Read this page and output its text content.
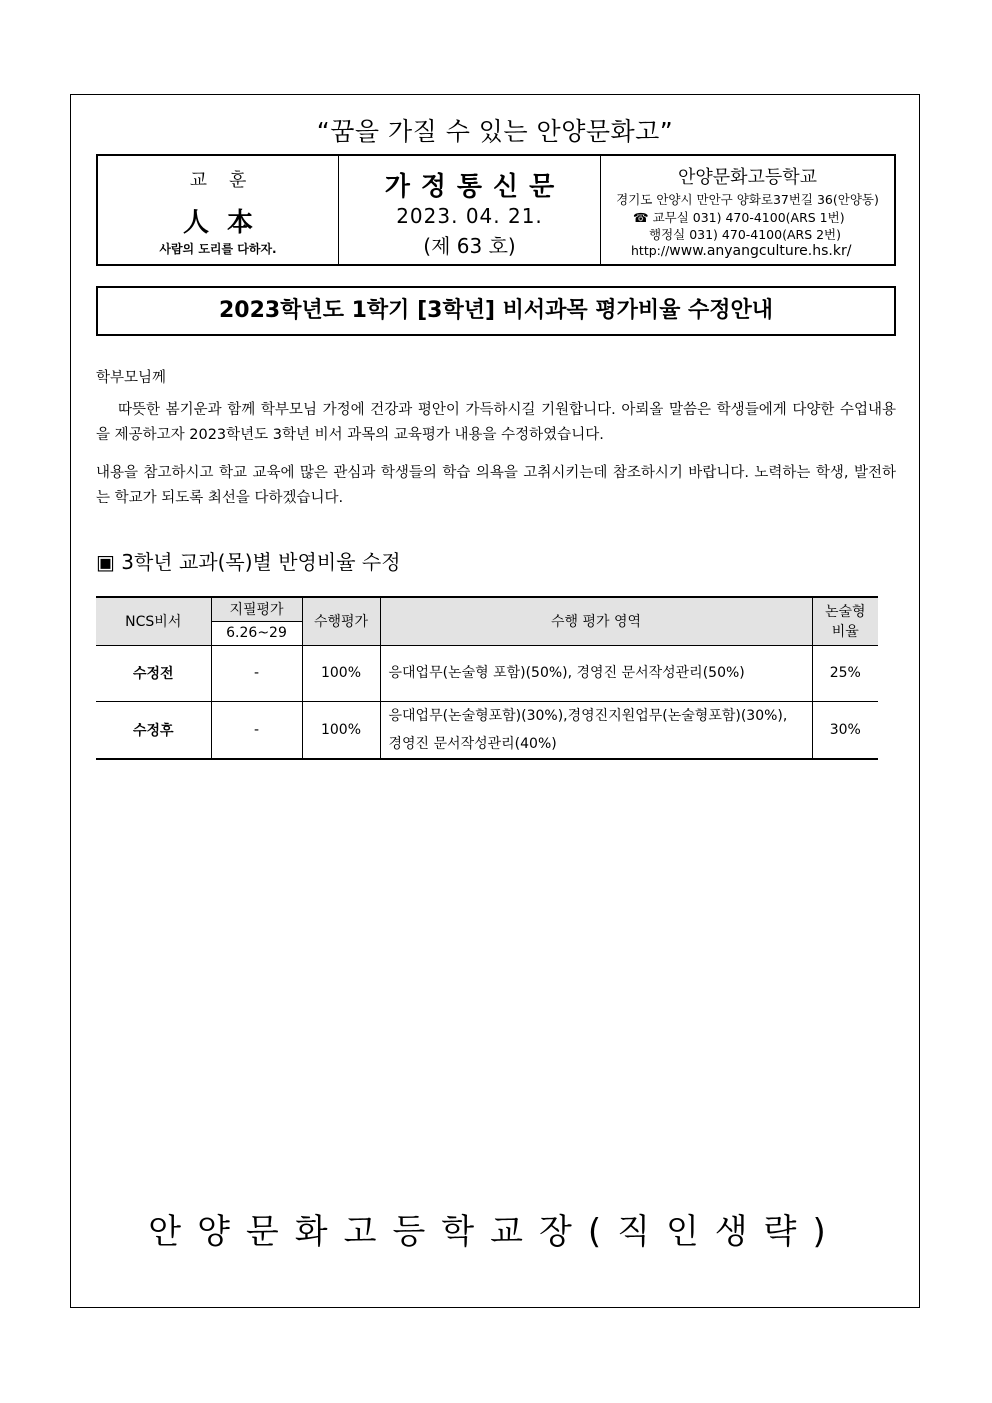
“꿈을 가질 수 있는 안양문화고”
교훈
人本
사람의 도리를 다하자.
가정통신문
2023. 04. 21.
(제 63 호)
안양문화고등학교
경기도 안양시 만안구 양화로37번길 36(안양동)
☎ 교무실 031) 470-4100(ARS 1번)
행정실 031) 470-4100(ARS 2번)
http://www.anyangculture.hs.kr/
2023학년도 1학기 [3학년] 비서과목 평가비율 수정안내
학부모님께
따뜻한 봄기운과 함께 학부모님 가정에 건강과 평안이 가득하시길 기원합니다. 아뢰올 말씀은 학생들에게 다양한 수업내용을 제공하고자 2023학년도 3학년 비서 과목의 교육평가 내용을 수정하였습니다.
내용을 참고하시고 학교 교육에 많은 관심과 학생들의 학습 의욕을 고취시키는데 참조하시기 바랍니다. 노력하는 학생, 발전하는 학교가 되도록 최선을 다하겠습니다.
▣ 3학년 교과(목)별 반영비율 수정
NCS비서	지필평가	수행평가	수행 평가 영역	논술형
비율

	6.26~29			
수정전	-	100%	응대업무(논술형 포함)(50%), 경영진 문서작성관리(50%)	25%
수정후	-	100%	응대업무(논술형포함)(30%),경영진지원업무(논술형포함)(30%),
경영진 문서작성관리(40%)	30%
안양문화고등학교장(직인생략)
